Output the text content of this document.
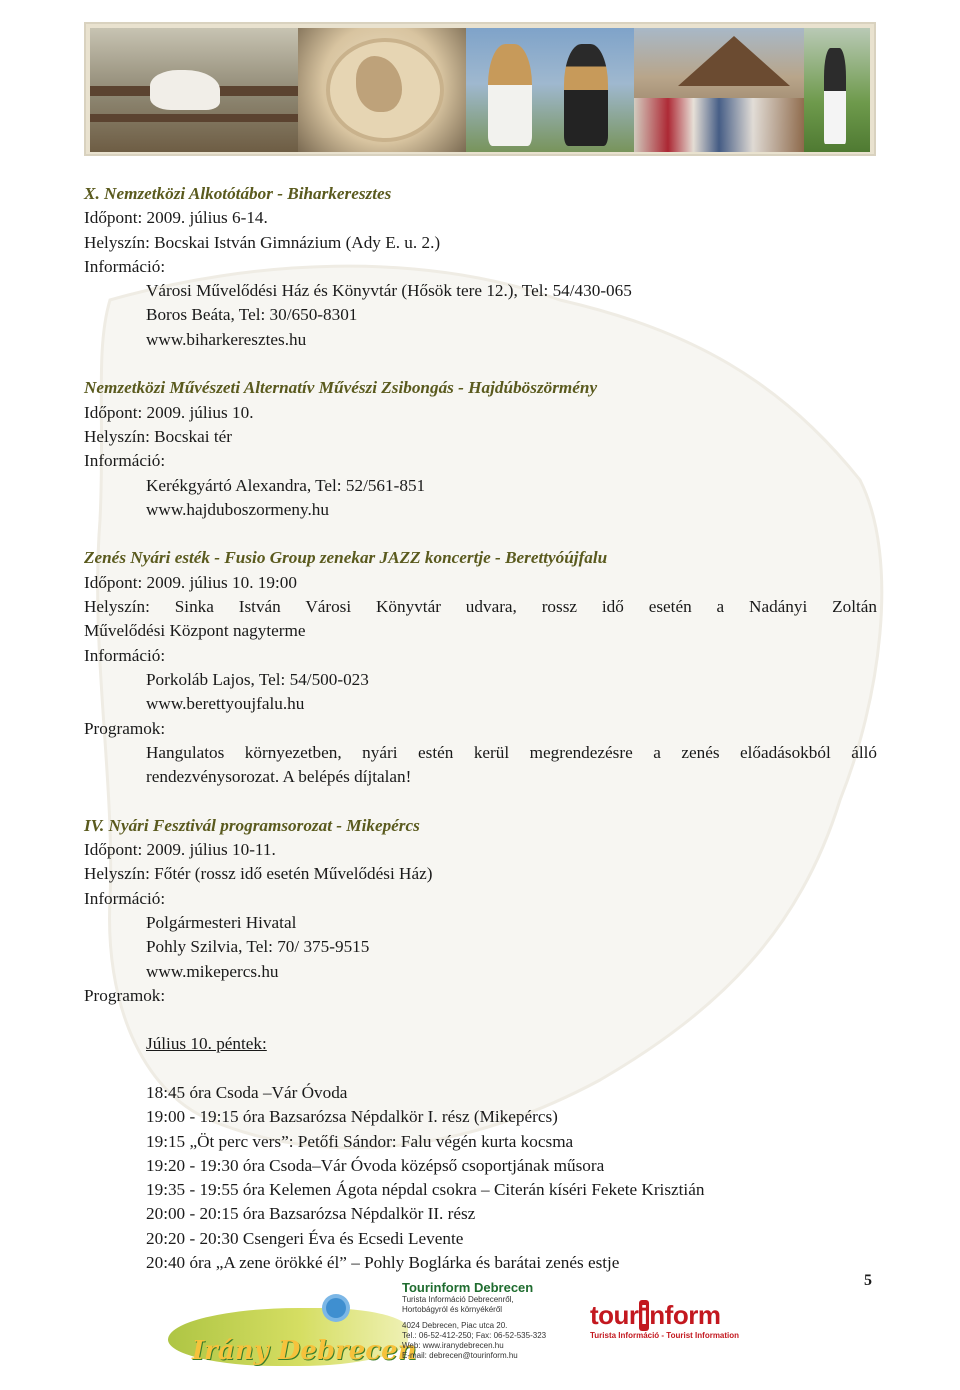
X. Nemzetközi Alkotótábor - Biharkeresztes
Időpont: 2009. július 6-14.
Helyszín: Bocskai István Gimnázium (Ady E. u. 2.)
Információ:
Városi Művelődési Ház és Könyvtár (Hősök tere 12.), Tel: 54/430-065
Boros Beáta, Tel: 30/650-8301
www.biharkeresztes.hu
Nemzetközi Művészeti Alternatív Művészi Zsibongás - Hajdúböszörmény
Időpont: 2009. július 10.
Helyszín: Bocskai tér
Információ:
Kerékgyártó Alexandra, Tel: 52/561-851
www.hajduboszormeny.hu
Zenés Nyári esték - Fusio Group zenekar JAZZ koncertje - Berettyóújfalu
Időpont: 2009. július 10. 19:00
Helyszín: Sinka István Városi Könyvtár udvara, rossz idő esetén a Nadányi Zoltán
Művelődési Központ nagyterme
Információ:
Porkoláb Lajos, Tel: 54/500-023
www.berettyoujfalu.hu
Programok:
Hangulatos környezetben, nyári estén kerül megrendezésre a zenés előadásokból álló
rendezvénysorozat. A belépés díjtalan!
IV. Nyári Fesztivál programsorozat - Mikepércs
Időpont: 2009. július 10-11.
Helyszín: Főtér (rossz idő esetén Művelődési Ház)
Információ:
Polgármesteri Hivatal
Pohly Szilvia, Tel: 70/ 375-9515
www.mikepercs.hu
Programok:
Július 10. péntek:
18:45 óra Csoda –Vár Óvoda
19:00 - 19:15 óra Bazsarózsa Népdalkör I. rész (Mikepércs)
19:15 „Öt perc vers”: Petőfi Sándor: Falu végén kurta kocsma
19:20 - 19:30 óra Csoda–Vár Óvoda középső csoportjának műsora
19:35 - 19:55 óra Kelemen Ágota népdal csokra – Citerán kíséri Fekete Krisztián
20:00 - 20:15 óra Bazsarózsa Népdalkör II. rész
20:20 - 20:30 Csengeri Éva és Ecsedi Levente
20:40 óra „A zene örökké él” – Pohly Boglárka és barátai zenés estje
5
Irány Debrecen
Tourinform Debrecen
Turista Információ Debrecenről,
Hortobágyról és környékéről
4024 Debrecen, Piac utca 20.
Tel.: 06-52-412-250; Fax: 06-52-535-323
Web: www.iranydebrecen.hu
E-mail: debrecen@tourinform.hu
tourinform
Turista Információ - Tourist Information
